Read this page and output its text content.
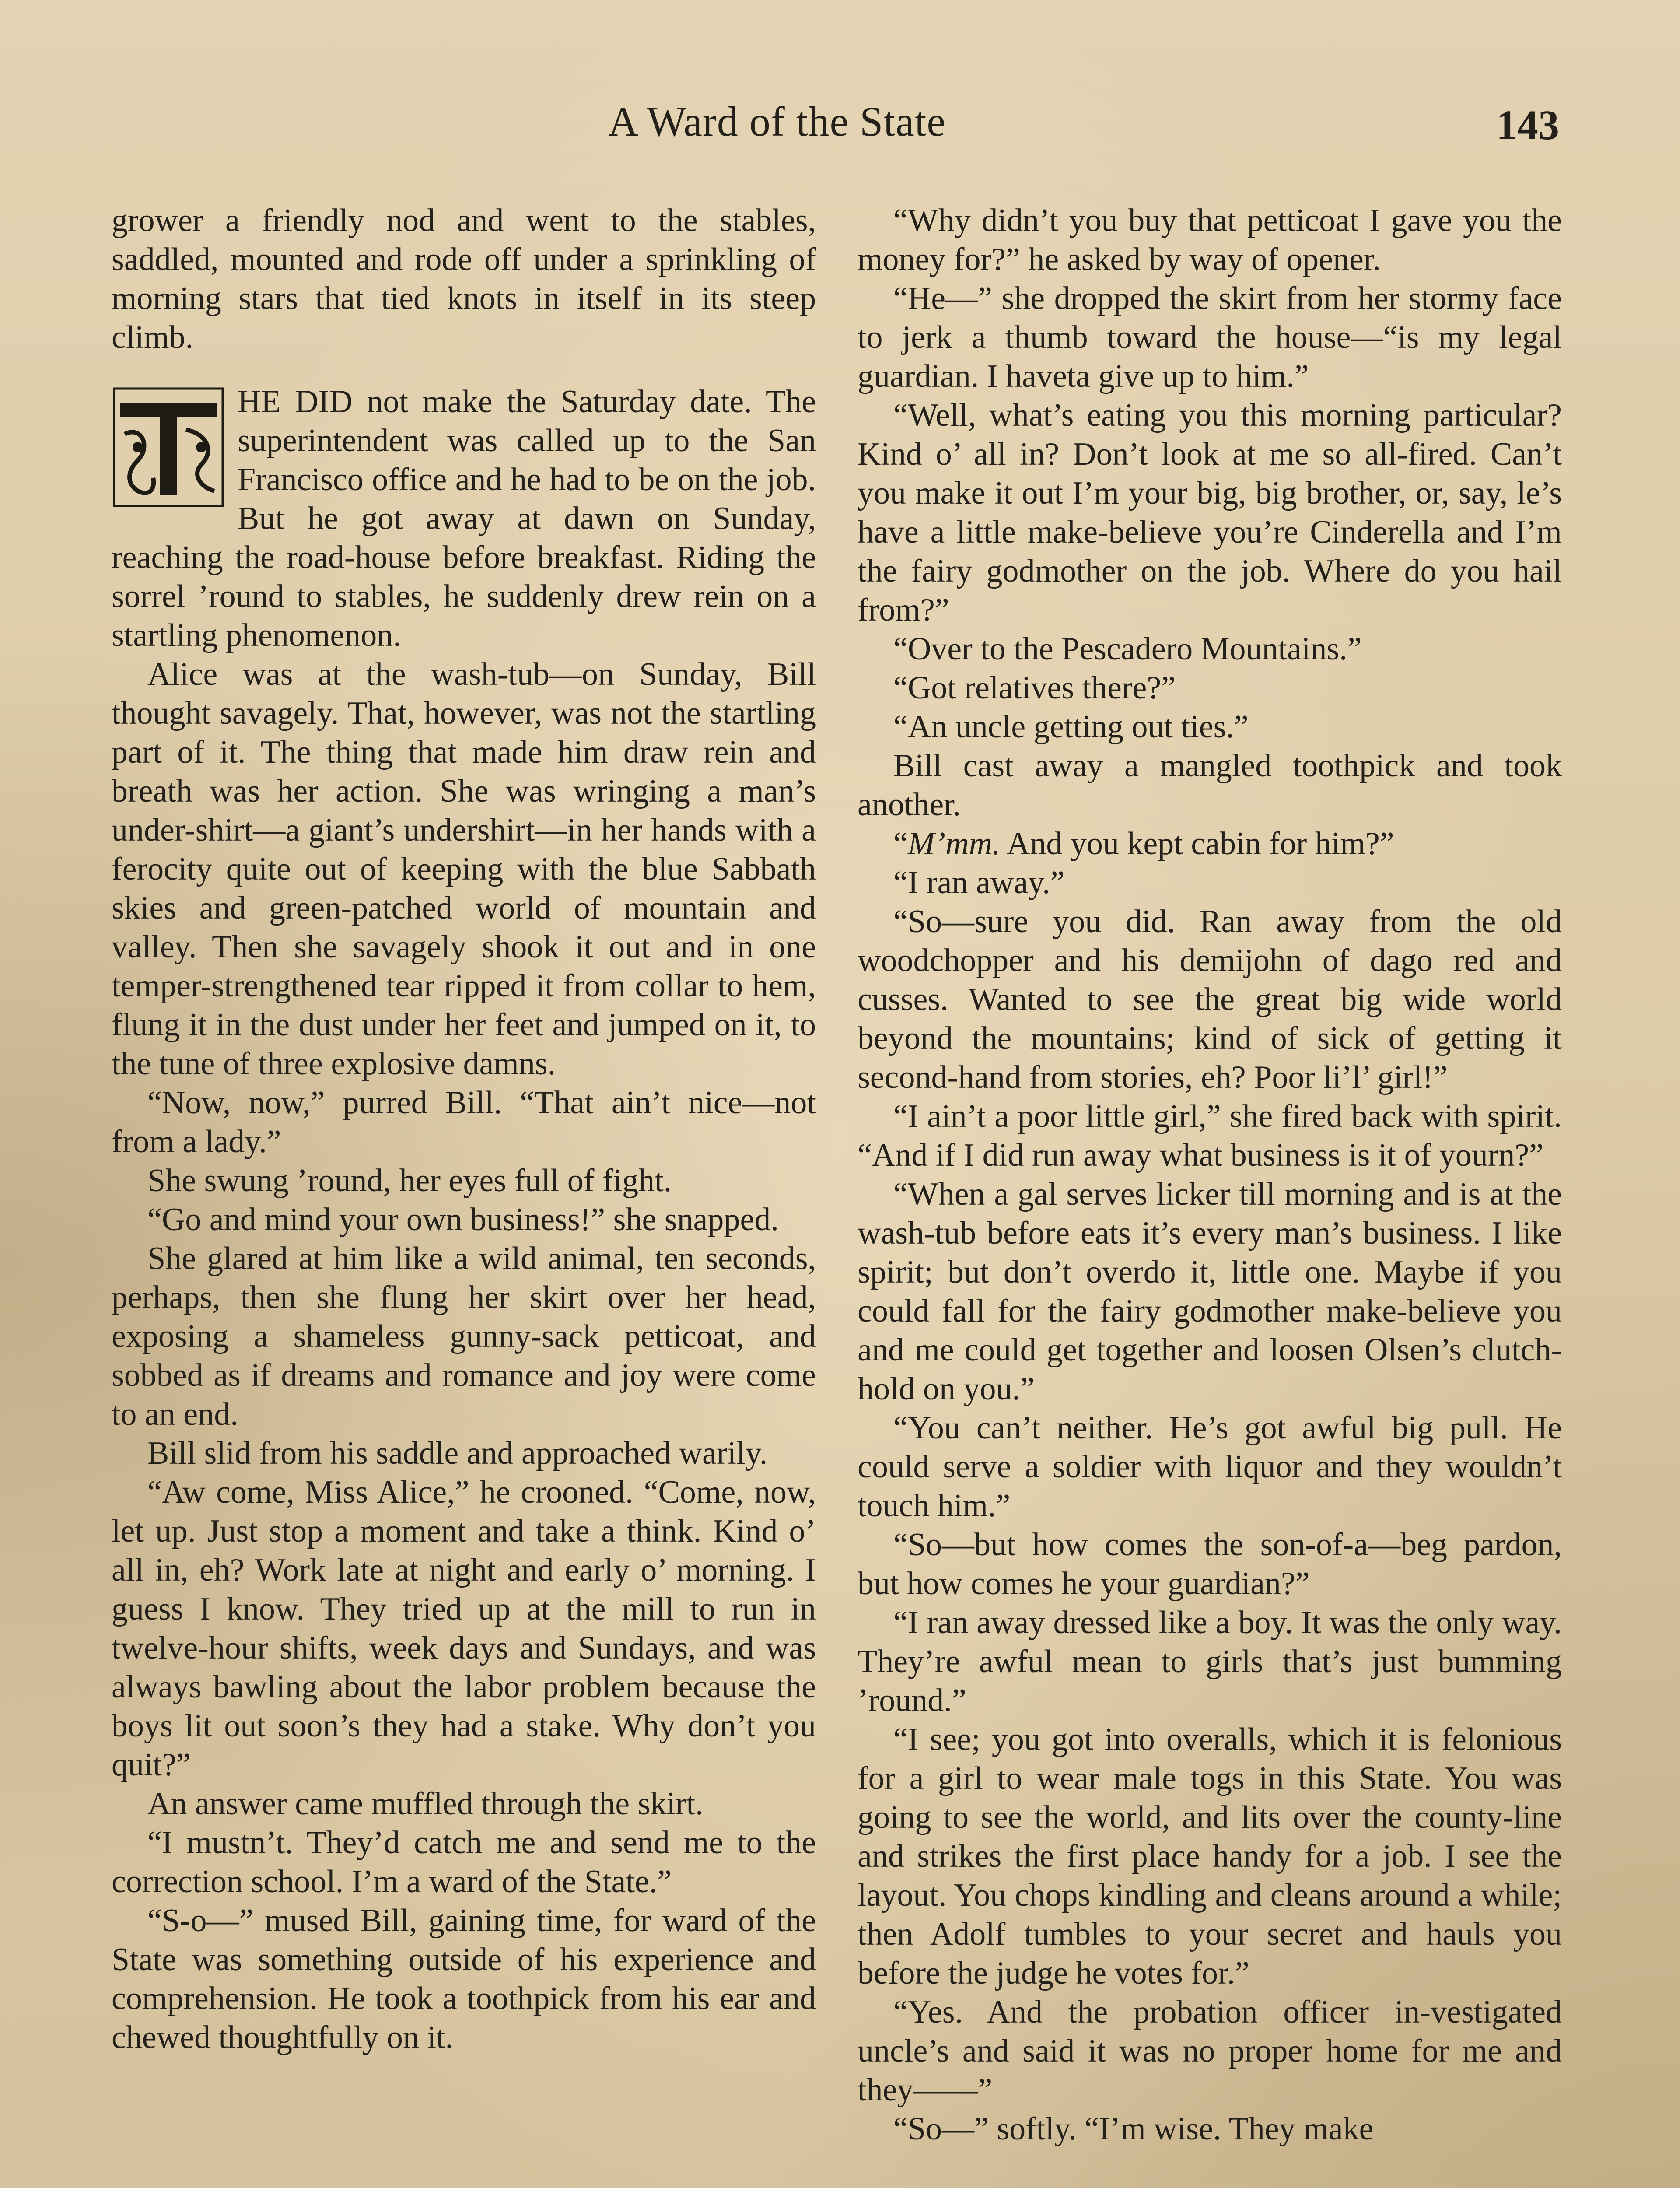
A Ward of the State	143

grower a friendly nod and went to the stables, saddled, mounted and rode off under a sprinkling of morning stars that tied knots in itself in its steep climb.

HE DID not make the Saturday date. The superintendent was called up to the San Francisco office and he had to be on the job. But he got away at dawn on Sunday, reaching the road-house before breakfast. Riding the sorrel ’round to stables, he suddenly drew rein on a startling phenomenon.

Alice was at the wash-tub—on Sunday, Bill thought savagely. That, however, was not the startling part of it. The thing that made him draw rein and breath was her action. She was wringing a man’s under-shirt—a giant’s undershirt—in her hands with a ferocity quite out of keeping with the blue Sabbath skies and green-patched world of mountain and valley. Then she savagely shook it out and in one temper-strengthened tear ripped it from collar to hem, flung it in the dust under her feet and jumped on it, to the tune of three explosive damns.

“Now, now,” purred Bill. “That ain’t nice—not from a lady.”

She swung ’round, her eyes full of fight.

“Go and mind your own business!” she snapped.

She glared at him like a wild animal, ten seconds, perhaps, then she flung her skirt over her head, exposing a shameless gunny-sack petticoat, and sobbed as if dreams and romance and joy were come to an end.

Bill slid from his saddle and approached warily.

“Aw come, Miss Alice,” he crooned. “Come, now, let up. Just stop a moment and take a think. Kind o’ all in, eh? Work late at night and early o’ morning. I guess I know. They tried up at the mill to run in twelve-hour shifts, week days and Sundays, and was always bawling about the labor problem because the boys lit out soon’s they had a stake. Why don’t you quit?”

An answer came muffled through the skirt.

“I mustn’t. They’d catch me and send me to the correction school. I’m a ward of the State.”

“S-o—” mused Bill, gaining time, for ward of the State was something outside of his experience and comprehension. He took a toothpick from his ear and chewed thoughtfully on it.

“Why didn’t you buy that petticoat I gave you the money for?” he asked by way of opener.

“He—” she dropped the skirt from her stormy face to jerk a thumb toward the house—“is my legal guardian. I haveta give up to him.”

“Well, what’s eating you this morning particular? Kind o’ all in? Don’t look at me so all-fired. Can’t you make it out I’m your big, big brother, or, say, le’s have a little make-believe you’re Cinderella and I’m the fairy godmother on the job. Where do you hail from?”

“Over to the Pescadero Mountains.”

“Got relatives there?”

“An uncle getting out ties.”

Bill cast away a mangled toothpick and took another.

“M’mm. And you kept cabin for him?”

“I ran away.”

“So—sure you did. Ran away from the old woodchopper and his demijohn of dago red and cusses. Wanted to see the great big wide world beyond the mountains; kind of sick of getting it second-hand from stories, eh? Poor li’l’ girl!”

“I ain’t a poor little girl,” she fired back with spirit. “And if I did run away what business is it of yourn?”

“When a gal serves licker till morning and is at the wash-tub before eats it’s every man’s business. I like spirit; but don’t overdo it, little one. Maybe if you could fall for the fairy godmother make-believe you and me could get together and loosen Olsen’s clutch-hold on you.”

“You can’t neither. He’s got awful big pull. He could serve a soldier with liquor and they wouldn’t touch him.”

“So—but how comes the son-of-a—beg pardon, but how comes he your guardian?”

“I ran away dressed like a boy. It was the only way. They’re awful mean to girls that’s just bumming ’round.”

“I see; you got into overalls, which it is felonious for a girl to wear male togs in this State. You was going to see the world, and lits over the county-line and strikes the first place handy for a job. I see the layout. You chops kindling and cleans around a while; then Adolf tumbles to your secret and hauls you before the judge he votes for.”

“Yes. And the probation officer in-vestigated uncle’s and said it was no proper home for me and they——”

“So—” softly. “I’m wise. They make
